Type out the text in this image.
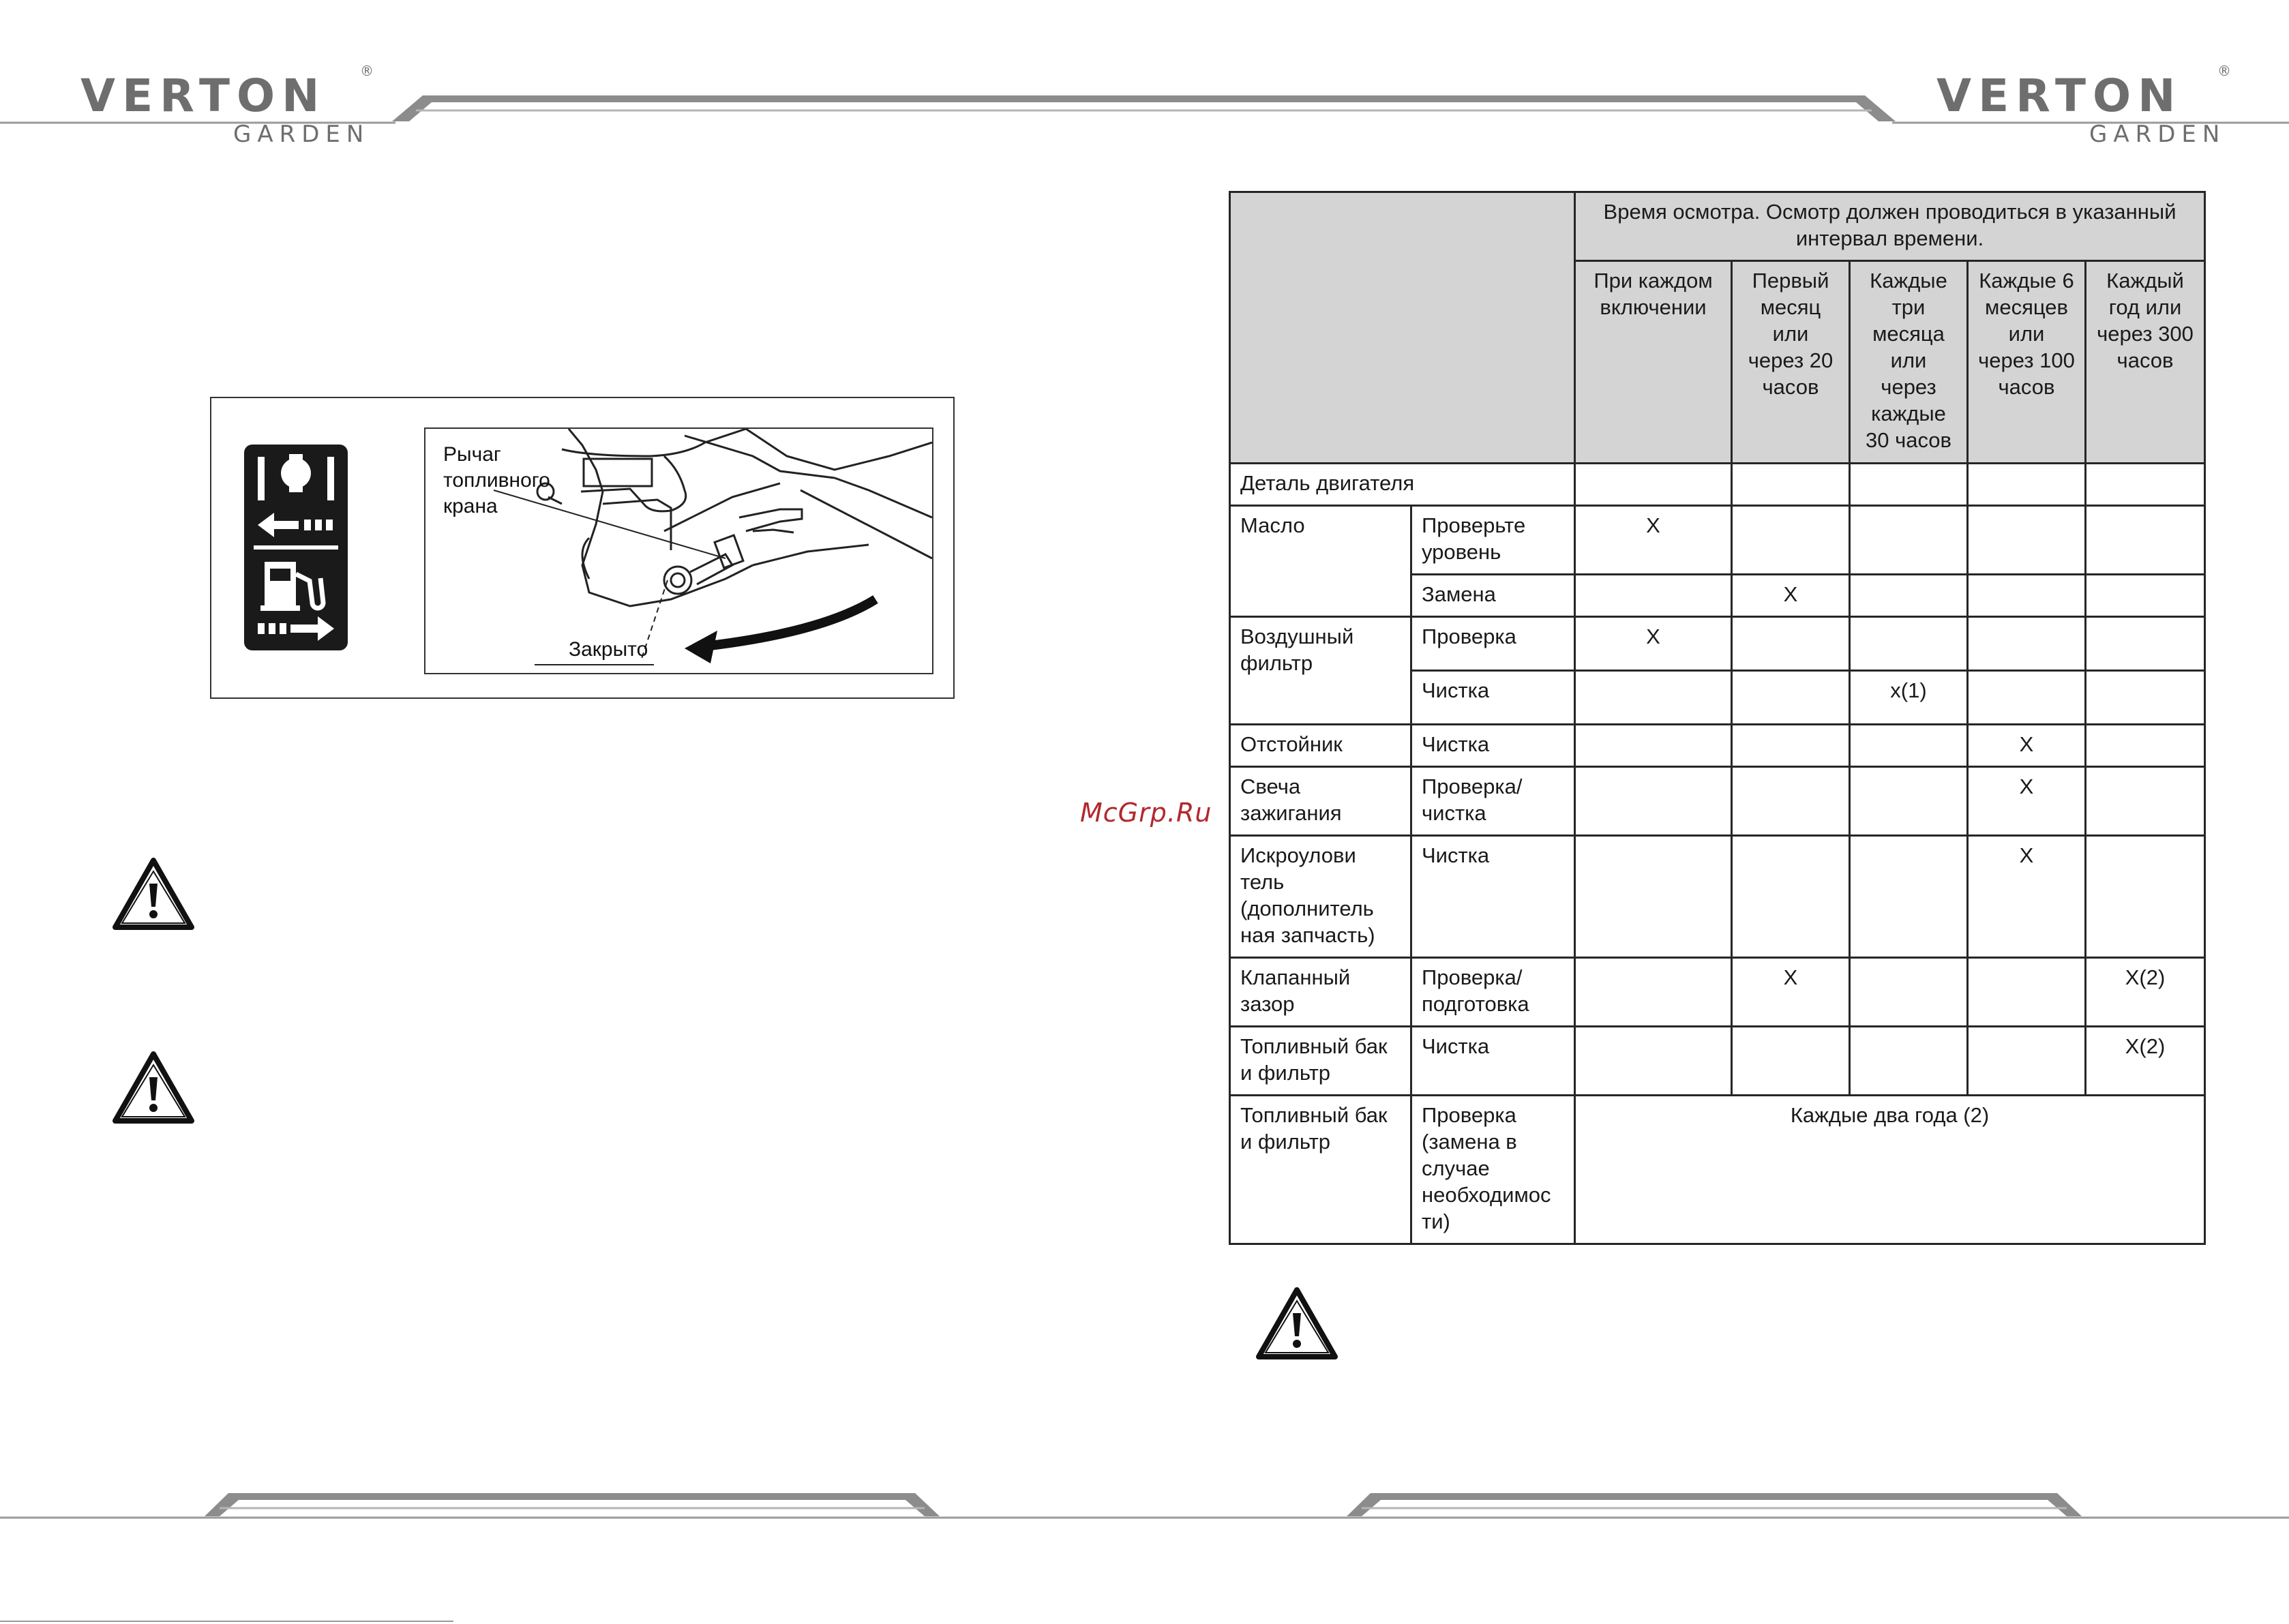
VERTON ®
GARDEN
VERTON	®
GARDEN
Рычаг
топливного
крана
Закрыто
McGrp.Ru
		Время осмотра. Осмотр должен проводиться в указанный интервал времени.				
		При каждом включении	Первый месяц или через 20 часов	Каждые три месяца или через каждые 30 часов	Каждые 6 месяцев или через 100 часов	Каждый год или через 300 часов
Деталь двигателя						
Масло	Проверьте уровень	X				
	Замена		X			
Воздушный фильтр	Проверка	X				
	Чистка			x(1)		
Отстойник	Чистка				X	
Свеча зажигания	Проверка/ чистка				X	
Искроулови тель (дополнитель ная запчасть)	Чистка				X	
Клапанный зазор	Проверка/ подготовка		X			X(2)
Топливный бак и фильтр	Чистка					X(2)
Топливный бак и фильтр	Проверка (замена в случае необходимос ти)	Каждые два года (2)				
